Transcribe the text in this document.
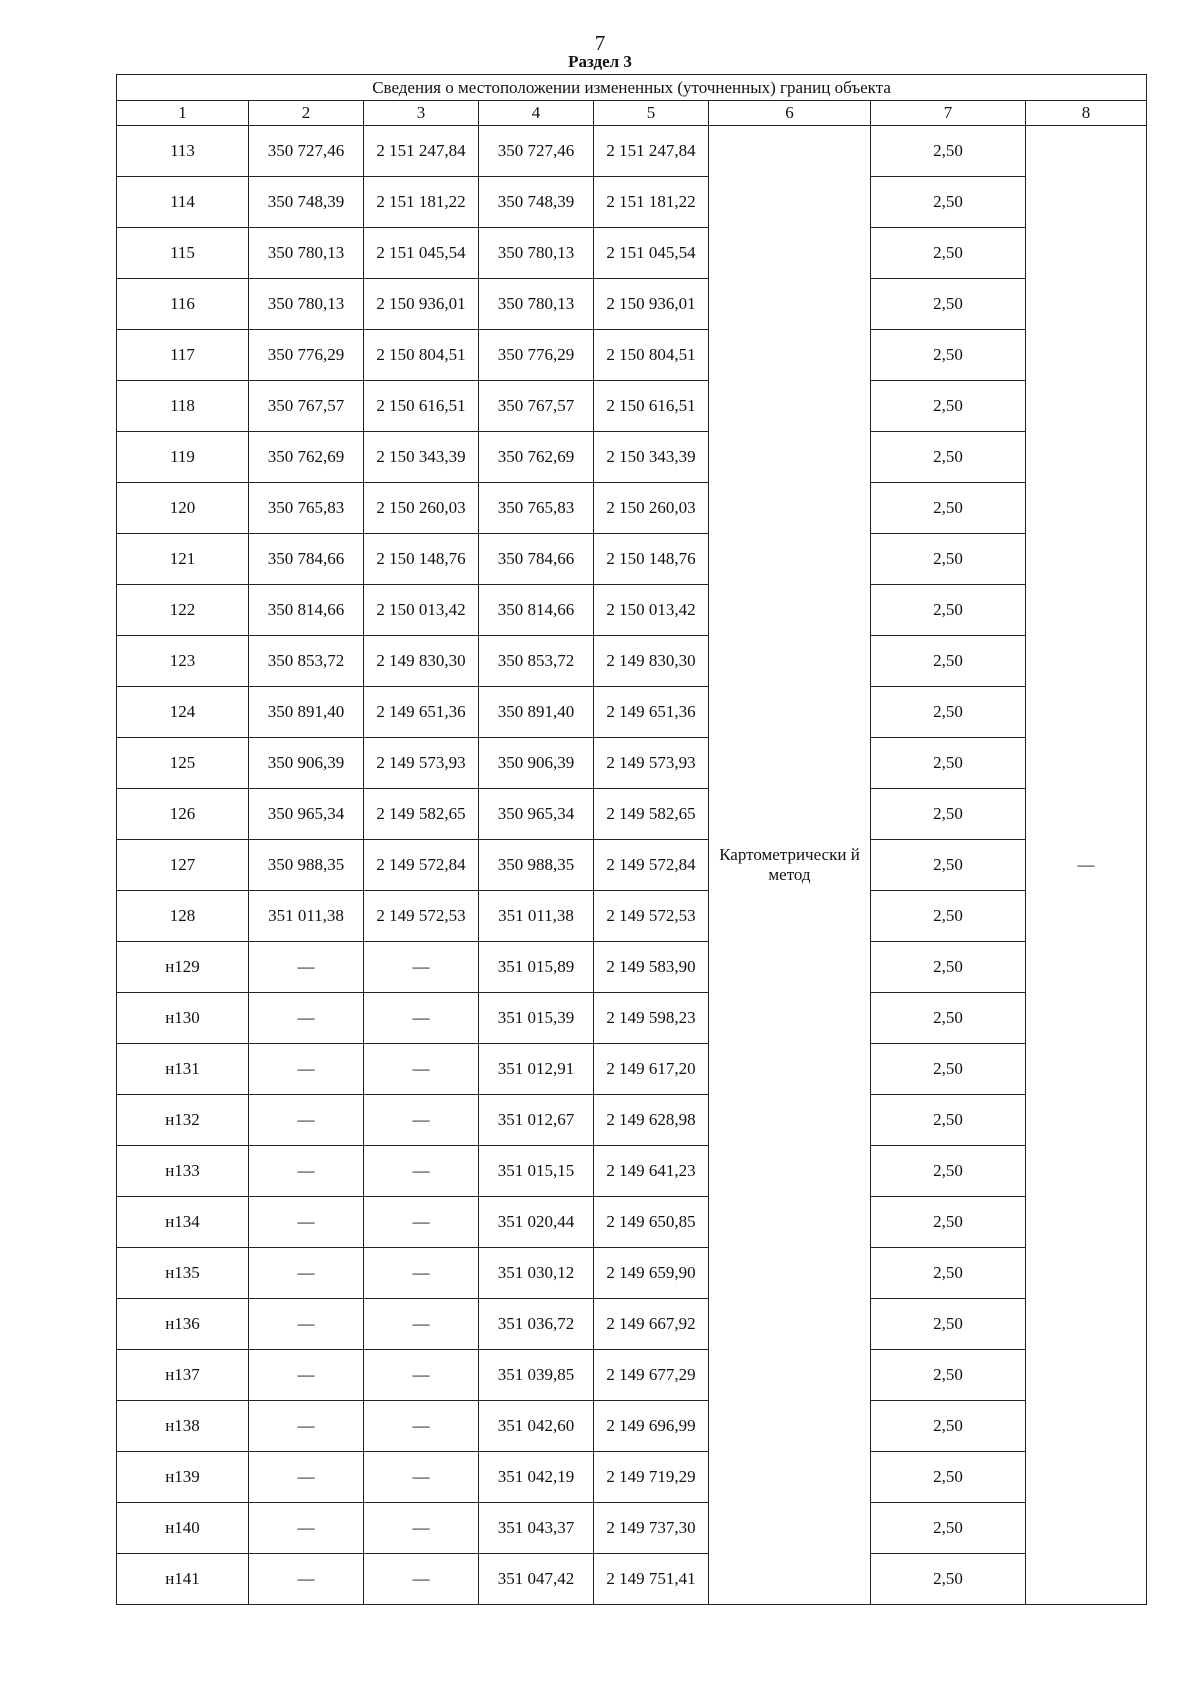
7
Раздел 3
Сведения о местоположении измененных (уточненных) границ объекта							
1	2	3	4	5	6	7	8
113	350 727,46	2 151 247,84	350 727,46	2 151 247,84	Картометрически й метод	2,50	—
114	350 748,39	2 151 181,22	350 748,39	2 151 181,22		2,50	
115	350 780,13	2 151 045,54	350 780,13	2 151 045,54		2,50	
116	350 780,13	2 150 936,01	350 780,13	2 150 936,01		2,50	
117	350 776,29	2 150 804,51	350 776,29	2 150 804,51		2,50	
118	350 767,57	2 150 616,51	350 767,57	2 150 616,51		2,50	
119	350 762,69	2 150 343,39	350 762,69	2 150 343,39		2,50	
120	350 765,83	2 150 260,03	350 765,83	2 150 260,03		2,50	
121	350 784,66	2 150 148,76	350 784,66	2 150 148,76		2,50	
122	350 814,66	2 150 013,42	350 814,66	2 150 013,42		2,50	
123	350 853,72	2 149 830,30	350 853,72	2 149 830,30		2,50	
124	350 891,40	2 149 651,36	350 891,40	2 149 651,36		2,50	
125	350 906,39	2 149 573,93	350 906,39	2 149 573,93		2,50	
126	350 965,34	2 149 582,65	350 965,34	2 149 582,65		2,50	
127	350 988,35	2 149 572,84	350 988,35	2 149 572,84		2,50	
128	351 011,38	2 149 572,53	351 011,38	2 149 572,53		2,50	
н129	—	—	351 015,89	2 149 583,90		2,50	
н130	—	—	351 015,39	2 149 598,23		2,50	
н131	—	—	351 012,91	2 149 617,20		2,50	
н132	—	—	351 012,67	2 149 628,98		2,50	
н133	—	—	351 015,15	2 149 641,23		2,50	
н134	—	—	351 020,44	2 149 650,85		2,50	
н135	—	—	351 030,12	2 149 659,90		2,50	
н136	—	—	351 036,72	2 149 667,92		2,50	
н137	—	—	351 039,85	2 149 677,29		2,50	
н138	—	—	351 042,60	2 149 696,99		2,50	
н139	—	—	351 042,19	2 149 719,29		2,50	
н140	—	—	351 043,37	2 149 737,30		2,50	
н141	—	—	351 047,42	2 149 751,41		2,50	
